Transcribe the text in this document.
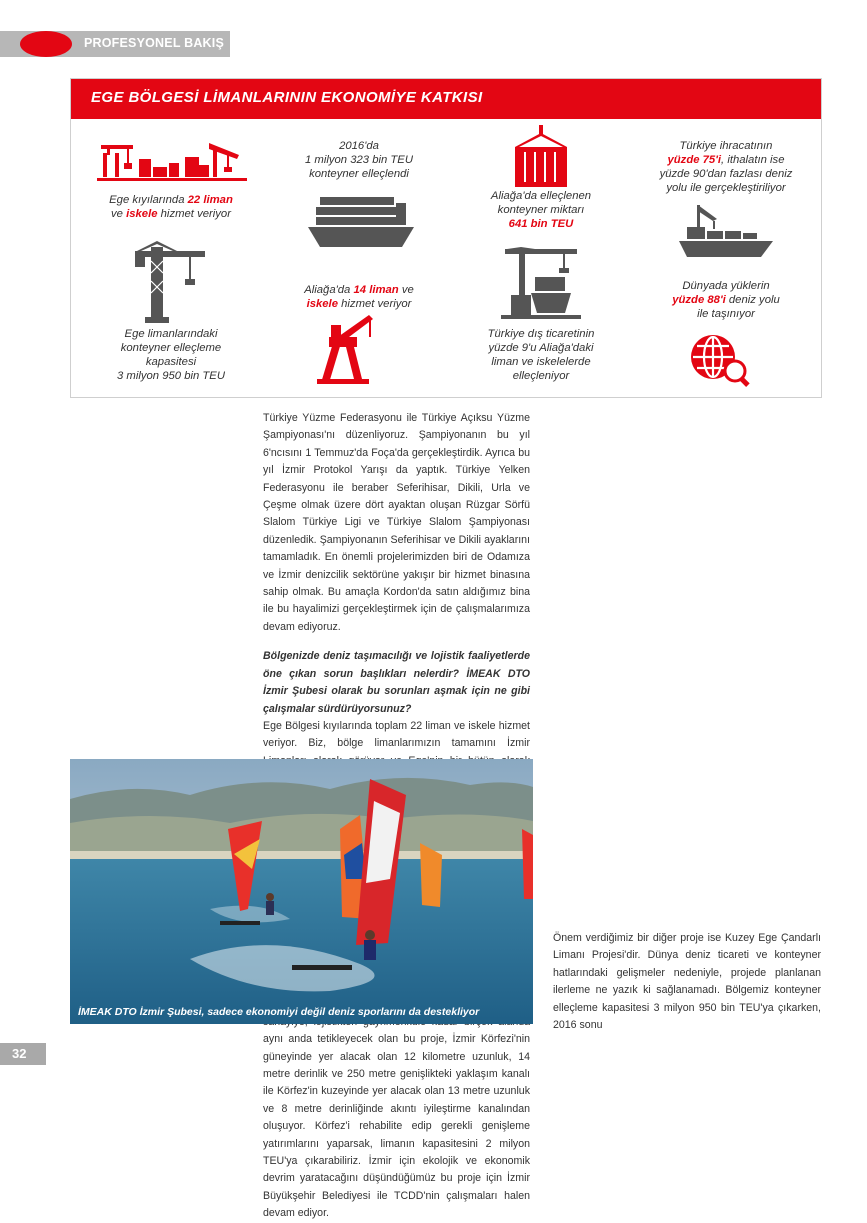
PROFESYONEL BAKIŞ
EGE BÖLGESİ LİMANLARININ EKONOMİYE KATKISI
Ege kıyılarında 22 liman
ve iskele hizmet veriyor
Ege limanlarındaki
konteyner elleçleme
kapasitesi
3 milyon 950 bin TEU
2016'da
1 milyon 323 bin TEU
konteyner elleçlendi
Aliağa'da 14 liman ve
iskele hizmet veriyor
Aliağa'da elleçlenen
konteyner miktarı
641 bin TEU
Türkiye dış ticaretinin
yüzde 9'u Aliağa'daki
liman ve iskelelerde
elleçleniyor
Türkiye ihracatının
yüzde 75'i, ithalatın ise
yüzde 90'dan fazlası deniz
yolu ile gerçekleştiriliyor
Dünyada yüklerin
yüzde 88'i deniz yolu
ile taşınıyor

Türkiye Yüzme Federasyonu ile Türkiye Açıksu Yüzme Şampiyonası'nı düzenliyoruz. Şampiyonanın bu yıl 6'ncısını 1 Temmuz'da Foça'da gerçekleştirdik. Ayrıca bu yıl İzmir Protokol Yarışı da yaptık. Türkiye Yelken Federasyonu ile beraber Seferihisar, Dikili, Urla ve Çeşme olmak üzere dört ayaktan oluşan Rüzgar Sörfü Slalom Türkiye Ligi ve Türkiye Slalom Şampiyonası düzenledik. Şampiyonanın Seferihisar ve Dikili ayaklarını tamamladık. En önemli projelerimizden biri de Odamıza ve İzmir denizcilik sektörüne yakışır bir hizmet binasına sahip olmak. Bu amaçla Kordon'da satın aldığımız bina ile bu hayalimizi gerçekleştirmek için de çalışmalarımıza devam ediyoruz.

Bölgenizde deniz taşımacılığı ve lojistik faaliyetlerde öne çıkan sorun başlıkları nelerdir? İMEAK DTO İzmir Şubesi olarak bu sorunları aşmak için ne gibi çalışmalar sürdürüyorsunuz?

Ege Bölgesi kıyılarında toplam 22 liman ve iskele hizmet veriyor. Biz, bölge limanlarımızın tamamını İzmir aynı anda tetikleyecek olan bu proje, İzmir Körfezi'nin güneyinde yer alacak olan 12 kilometre uzunluk, 14 metre derinlik ve 250 metre genişlikteki yaklaşım kanalı ile Körfez'in kuzeyinde yer alacak olan 13 metre uzunluk ve 8 metre derinliğinde akıntı iyileştirme kanalından oluşuyor. Körfez'i rehabilite edip gerekli genişleme yatırımlarını yaparsak, limanın kapasitesini 2 milyon TEU'ya çıkarabiliriz. İzmir için ekolojik ve ekonomik devrim yaratacağını düşündüğümüz bu proje için İzmir Büyükşehir Belediyesi ile TCDD'nin çalışmaları halen devam ediyor.

Önem verdiğimiz bir diğer proje ise Kuzey Ege Çandarlı Limanı Projesi'dir. Dünya deniz ticareti ve konteyner hatlarındaki gelişmeler nedeniyle, projede planlanan ilerleme ne yazık ki sağlanamadı. Bölgemiz konteyner elleçleme kapasitesi 3 milyon 950 bin TEU'ya çıkarken, 2016 sonu

İMEAK DTO İzmir Şubesi, sadece ekonomiyi değil deniz sporlarını da destekliyor
32
